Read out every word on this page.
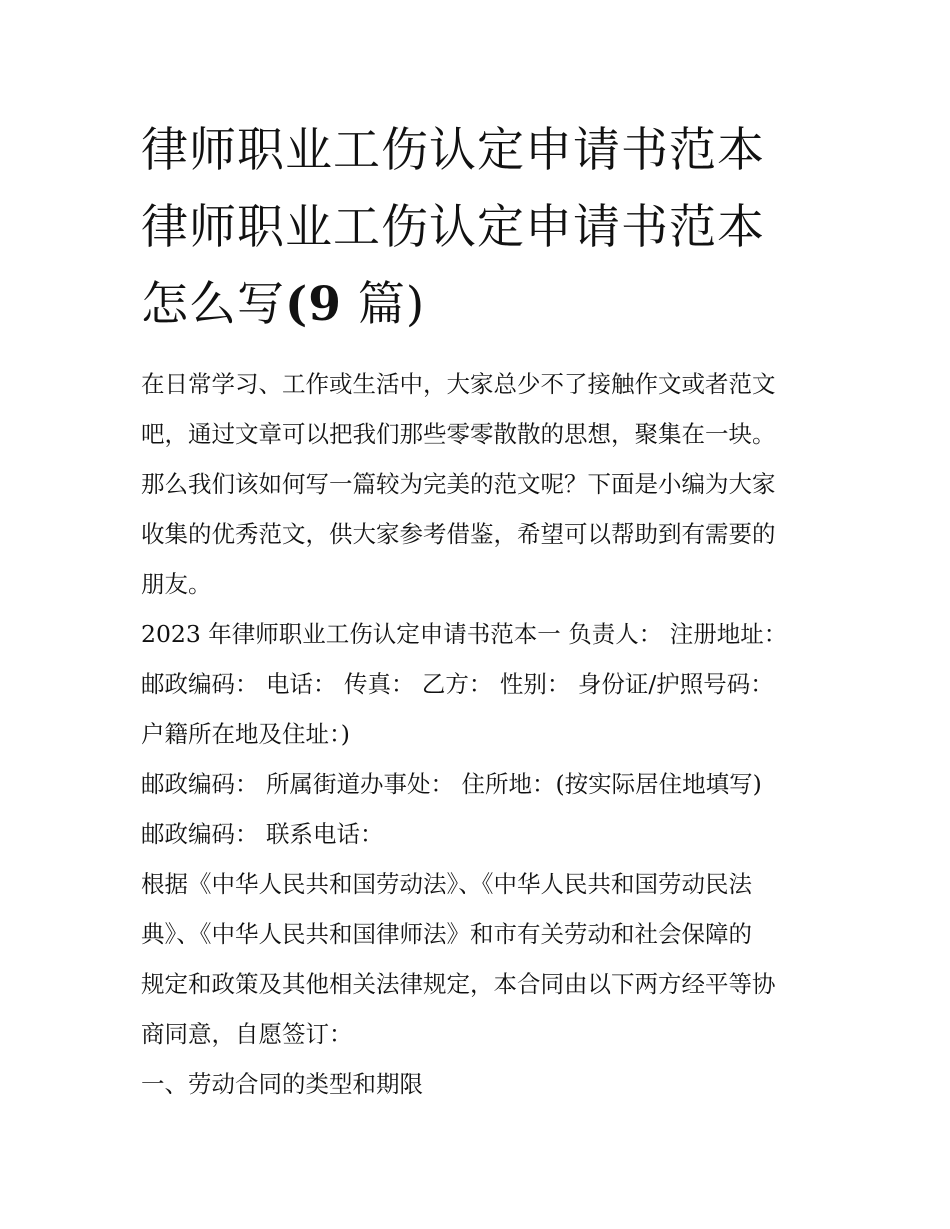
律师职业工伤认定申请书范本
律师职业工伤认定申请书范本
怎么写(9 篇)

在日常学习、工作或生活中，大家总少不了接触作文或者范文
吧，通过文章可以把我们那些零零散散的思想，聚集在一块。
那么我们该如何写一篇较为完美的范文呢？下面是小编为大家
收集的优秀范文，供大家参考借鉴，希望可以帮助到有需要的
朋友。

2023 年律师职业工伤认定申请书范本一 负责人： 注册地址：
邮政编码： 电话： 传真： 乙方： 性别： 身份证/护照号码：
户籍所在地及住址：)

邮政编码： 所属街道办事处： 住所地：(按实际居住地填写)

邮政编码： 联系电话：

根据《中华人民共和国劳动法》、《中华人民共和国劳动民法
典》、《中华人民共和国律师法》和市有关劳动和社会保障的
规定和政策及其他相关法律规定，本合同由以下两方经平等协
商同意，自愿签订：

一、劳动合同的类型和期限
